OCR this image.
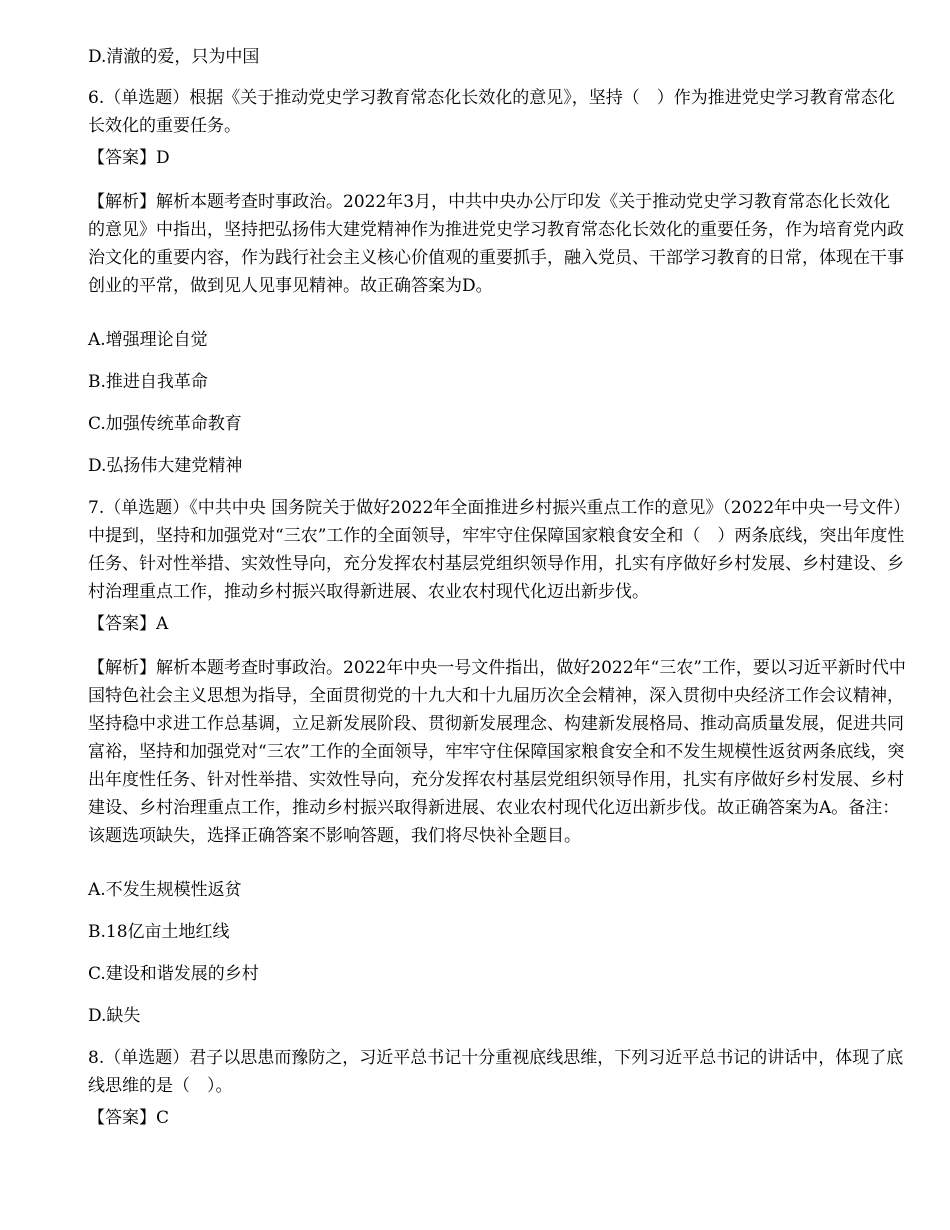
D.清澈的爱，只为中国

6.（单选题）根据《关于推动党史学习教育常态化长效化的意见》，坚持（　）作为推进党史学习教育常态化长效化的重要任务。

【答案】D

【解析】解析本题考查时事政治。2022年3月，中共中央办公厅印发《关于推动党史学习教育常态化长效化的意见》中指出，坚持把弘扬伟大建党精神作为推进党史学习教育常态化长效化的重要任务，作为培育党内政治文化的重要内容，作为践行社会主义核心价值观的重要抓手，融入党员、干部学习教育的日常，体现在干事创业的平常，做到见人见事见精神。故正确答案为D。

A.增强理论自觉

B.推进自我革命

C.加强传统革命教育

D.弘扬伟大建党精神

7.（单选题）《中共中央 国务院关于做好2022年全面推进乡村振兴重点工作的意见》（2022年中央一号文件）中提到，坚持和加强党对“三农”工作的全面领导，牢牢守住保障国家粮食安全和（　）两条底线，突出年度性任务、针对性举措、实效性导向，充分发挥农村基层党组织领导作用，扎实有序做好乡村发展、乡村建设、乡村治理重点工作，推动乡村振兴取得新进展、农业农村现代化迈出新步伐。

【答案】A

【解析】解析本题考查时事政治。2022年中央一号文件指出，做好2022年“三农”工作，要以习近平新时代中国特色社会主义思想为指导，全面贯彻党的十九大和十九届历次全会精神，深入贯彻中央经济工作会议精神，坚持稳中求进工作总基调，立足新发展阶段、贯彻新发展理念、构建新发展格局、推动高质量发展，促进共同富裕，坚持和加强党对“三农”工作的全面领导，牢牢守住保障国家粮食安全和不发生规模性返贫两条底线，突出年度性任务、针对性举措、实效性导向，充分发挥农村基层党组织领导作用，扎实有序做好乡村发展、乡村建设、乡村治理重点工作，推动乡村振兴取得新进展、农业农村现代化迈出新步伐。故正确答案为A。备注：该题选项缺失，选择正确答案不影响答题，我们将尽快补全题目。

A.不发生规模性返贫

B.18亿亩土地红线

C.建设和谐发展的乡村

D.缺失

8.（单选题）君子以思患而豫防之，习近平总书记十分重视底线思维，下列习近平总书记的讲话中，体现了底线思维的是（　）。

【答案】C
